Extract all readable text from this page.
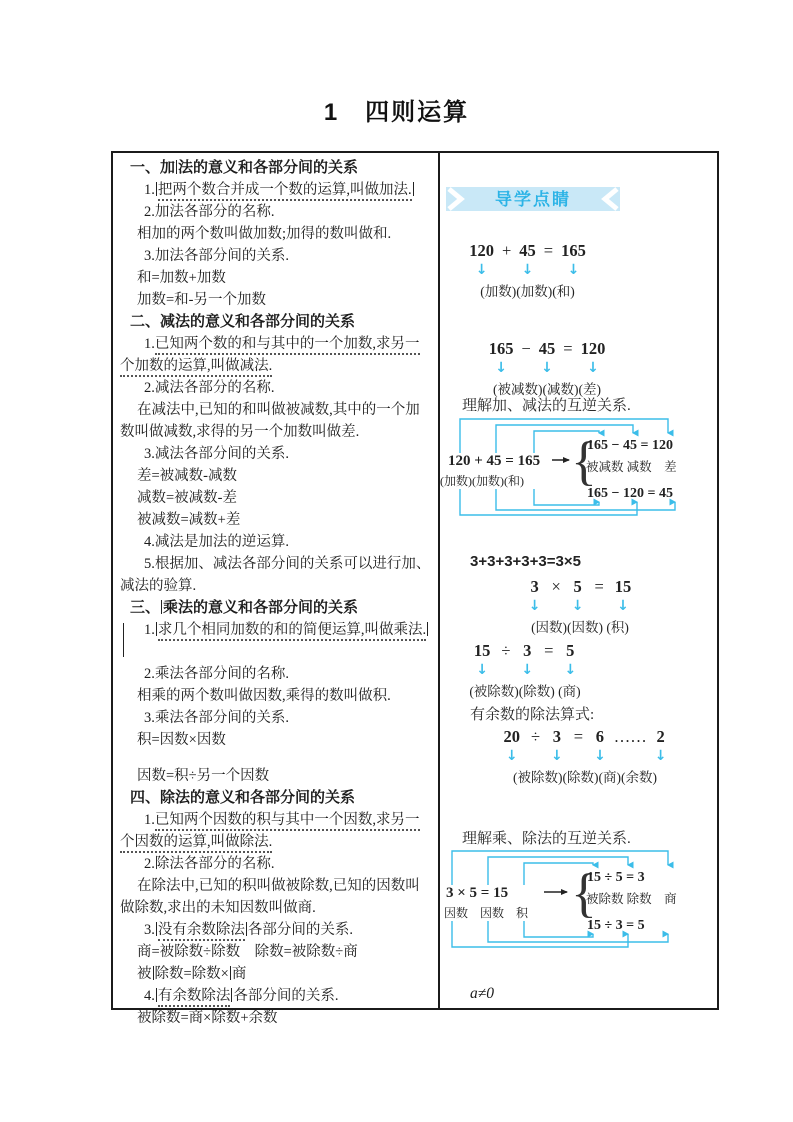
1　四则运算
一、加 法的意义和各部分间的关系
1. 把两个数合并成一个数的运算,叫做加法.
2.加法各部分的名称.
相加的两个数叫做加数;加得的数叫做和.
3.加法各部分间的关系.
和=加数+加数
加数=和-另一个加数
二、减法的意义和各部分间的关系
1.已知两个数的和与其中的一个加数,求另一个加数的运算,叫做减法.
2.减法各部分的名称.
在减法中,已知的和叫做被减数,其中的一个加数叫做减数,求得的另一个加数叫做差.
3.减法各部分间的关系.
差=被减数-减数
减数=被减数-差
被减数=减数+差
4.减法是加法的逆运算.
5.根据加、减法各部分间的关系可以进行加、减法的验算.
三、 乘法的意义和各部分间的关系
1. 求几个相同加数的和的简便运算,叫做乘法.
2.乘法各部分间的名称.
相乘的两个数叫做因数,乘得的数叫做积.
3.乘法各部分间的关系.
积=因数×因数
因数=积÷另一个因数
四、除法的意义和各部分间的关系
1.已知两个因数的积与其中一个因数,求另一个因数的运算,叫做除法.
2.除法各部分的名称.
在除法中,已知的积叫做被除数,已知的因数叫做除数,求出的未知因数叫做商.
3. 没有余数除法 各部分间的关系.
商=被除数÷除数　除数=被除数÷商
被 除数=除数× 商
4. 有余数除法 各部分间的关系.
被除数=商×除数+余数
导学点睛
120 + 45 = 165
↓
↓
↓
(加数)(加数)(和)
165 − 45 = 120
↓
↓
↓
(被减数)(减数)(差)
理解加、减法的互逆关系.
120 + 45 = 165
(加数)(加数)(和) {
165 − 45 = 120
被减数 减数　差
165 − 120 = 45
3+3+3+3+3=3×5
3 × 5 = 15
↓
↓
↓
(因数)(因数) (积)
15 ÷ 3 = 5
↓
↓
↓
(被除数)(除数) (商)
有余数的除法算式:
20 ÷ 3 = 6 …… 2
↓
↓
↓
↓
(被除数)(除数)(商)(余数)
理解乘、除法的互逆关系.
3 × 5 = 15
因数　因数　积 {
15 ÷ 5 = 3
被除数 除数　商
15 ÷ 3 = 5
a≠0
